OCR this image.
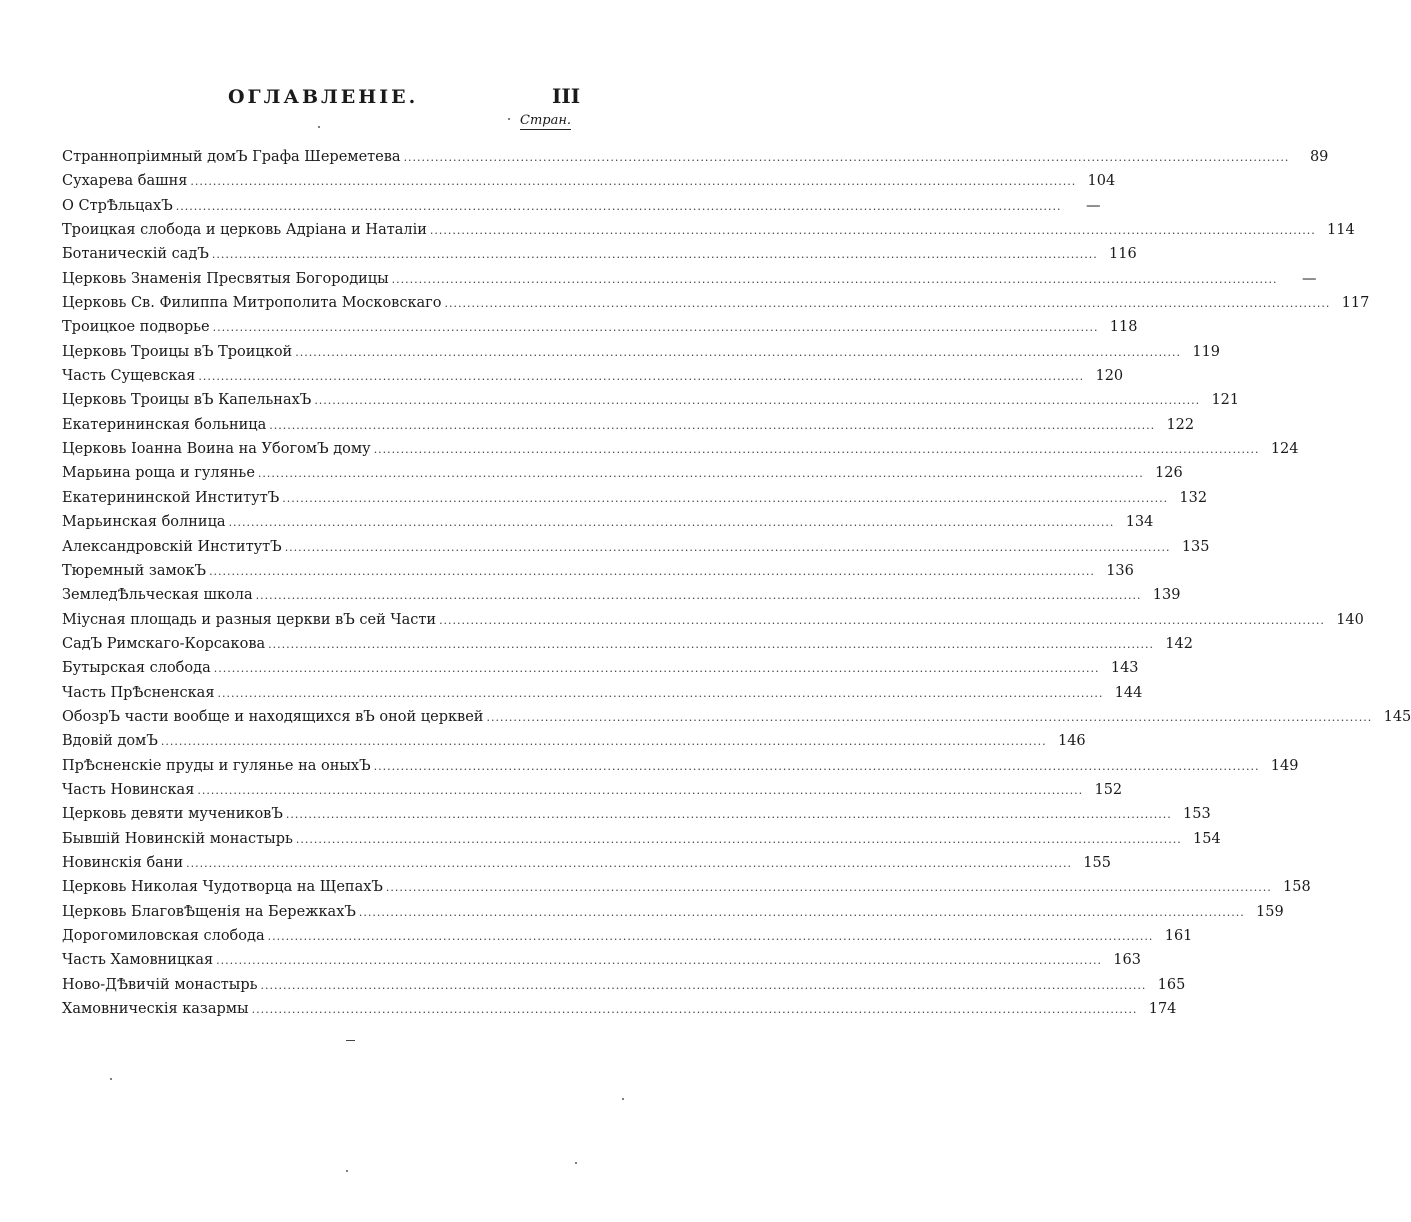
ОГЛАВЛЕНІЕ.	III
Стран.
Страннопріимный домЪ Графа Шереметева .....	89
Сухарева башня .....	104
О СтрѢльцахЪ .....	—
Троицкая слобода и церковь Адріана и Наталіи .....	114
Ботаническій садЪ .....	116
Церковь Знаменія Пресвятыя Богородицы .....	—
Церковь Св. Филиппа Митрополита Московскаго .....	117
Троицкое подворье .....	118
Церковь Троицы вЪ Троицкой .....	119
Часть Сущевская .....	120
Церковь Троицы вЪ КапельнахЪ .....	121
Екатерининская больница .....	122
Церковь Іоанна Воина на УбогомЪ дому .....	124
Марьина роща и гулянье .....	126
Екатерининской ИнститутЪ .....	132
Марьинская болница .....	134
Александровскій ИнститутЪ .....	135
Тюремный замокЪ .....	136
ЗемледѢльческая школа .....	139
Міусная площадь и разныя церкви вЪ сей Части .....	140
СадЪ Римскаго-Корсакова .....	142
Бутырская слобода .....	143
Часть ПрѢсненская .....	144
ОбозрЪ части вообще и находящихся вЪ оной церквей .....	145
Вдовій домЪ .....	146
ПрѢсненскіе пруды и гулянье на оныхЪ .....	149
Часть Новинская .....	152
Церковь девяти мучениковЪ .....	153
Бывшій Новинскій монастырь .....	154
Новинскія бани .....	155
Церковь Николая Чудотворца на ЩепахЪ .....	158
Церковь БлаговѢщенія на БережкахЪ .....	159
Дорогомиловская слобода .....	161
Часть Хамовницкая .....	163
Ново-ДѢвичій монастырь .....	165
Хамовническія казармы .....	174
